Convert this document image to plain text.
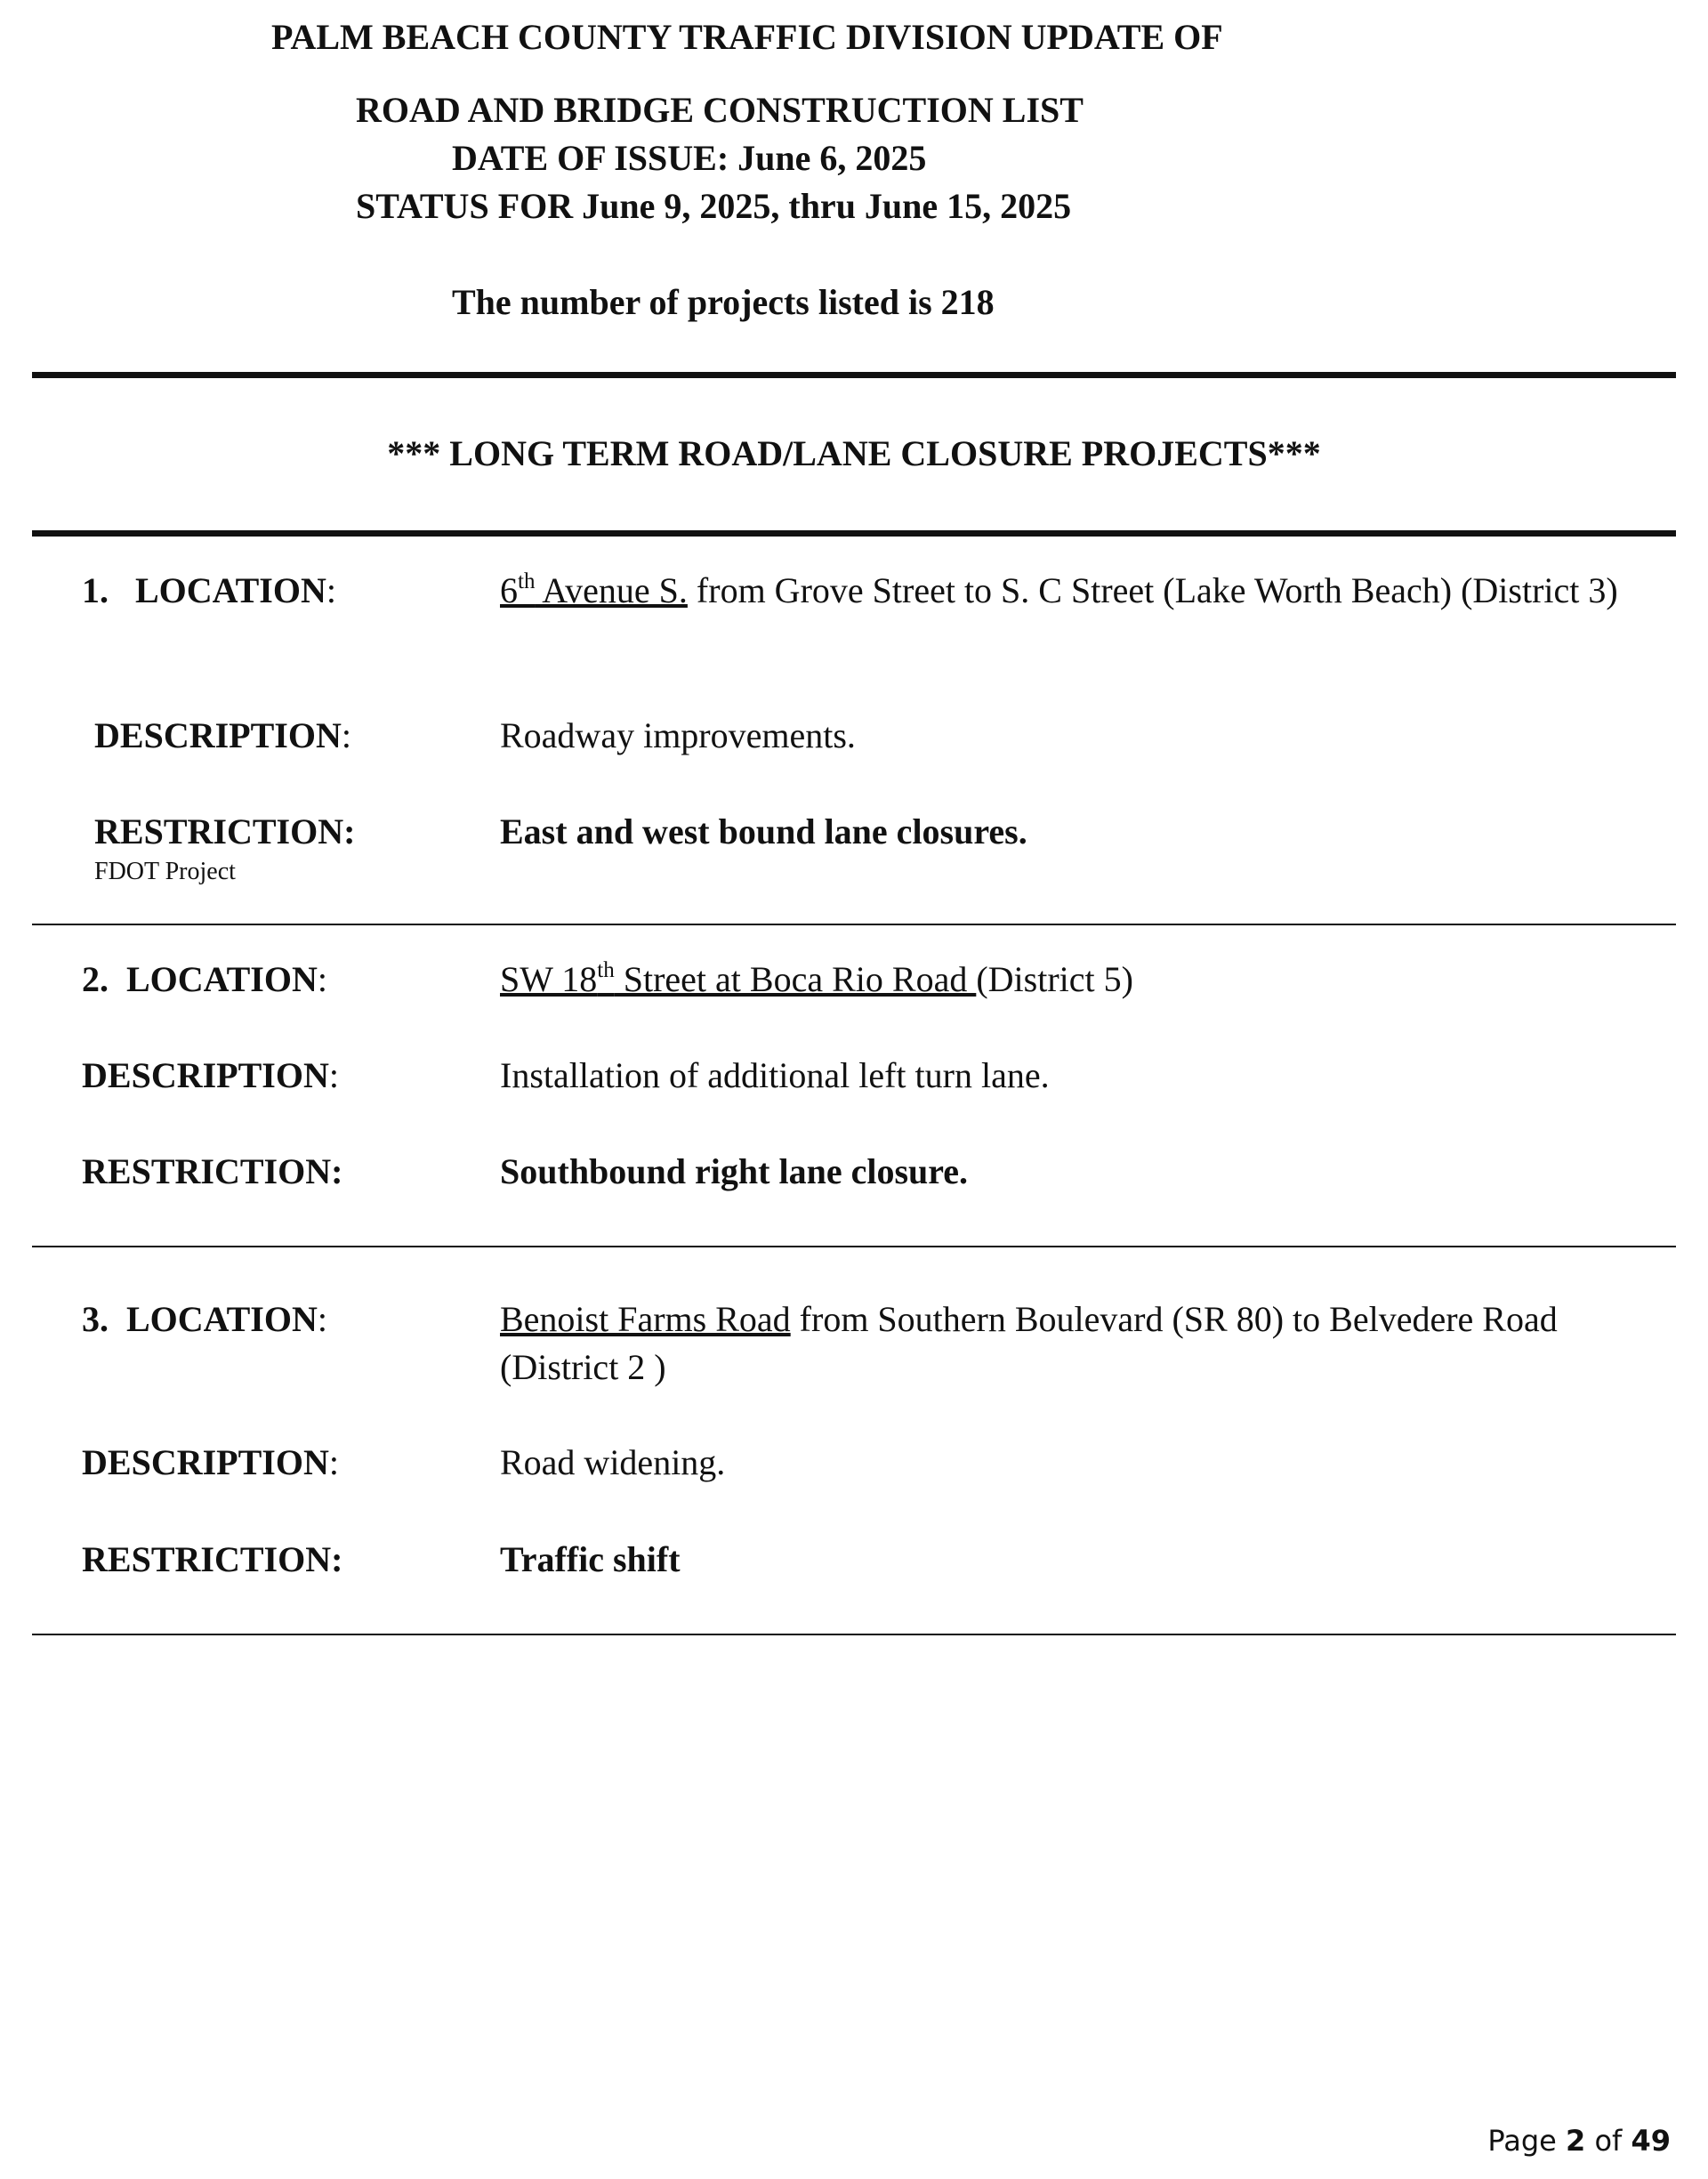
PALM BEACH COUNTY TRAFFIC DIVISION UPDATE OF
ROAD AND BRIDGE CONSTRUCTION LIST
DATE OF ISSUE: June 6, 2025
STATUS FOR June 9, 2025, thru June 15, 2025
The number of projects listed is 218
*** LONG TERM ROAD/LANE CLOSURE PROJECTS***
1. LOCATION:	6th Avenue S. from Grove Street to S. C Street (Lake Worth Beach) (District 3)
DESCRIPTION:	Roadway improvements.
RESTRICTION:	East and west bound lane closures.
FDOT Project
2. LOCATION:	SW 18th Street at Boca Rio Road (District 5)
DESCRIPTION:	Installation of additional left turn lane.
RESTRICTION:	Southbound right lane closure.
3. LOCATION:	Benoist Farms Road from Southern Boulevard (SR 80) to Belvedere Road (District 2 )
DESCRIPTION:	Road widening.
RESTRICTION:	Traffic shift
Page 2 of 49
